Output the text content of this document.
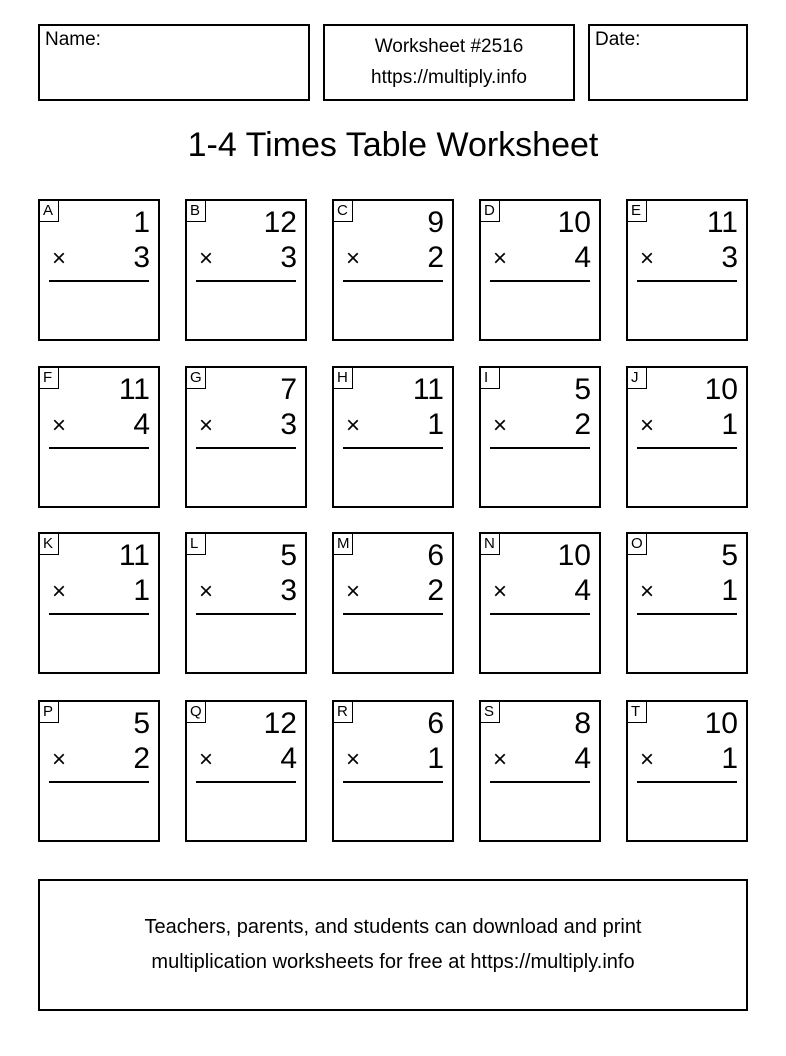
Name:	Worksheet #2516
https://multiply.info
Date:
1-4 Times Table Worksheet
A	1
× 3
B 12
× 3
C	9
× 2
D 10
× 4
E 11
× 3
F 11
× 4
G	7
× 3
H 11
× 1
I	5
× 2
J 10
× 1
K 11
× 1
L	5
× 3
M	6
× 2
N 10
× 4
O	5
× 1
P	5
× 2
Q 12
× 4
R	6
× 1
S	8
× 4
T 10
× 1
Teachers, parents, and students can download and print
multiplication worksheets for free at https://multiply.info
